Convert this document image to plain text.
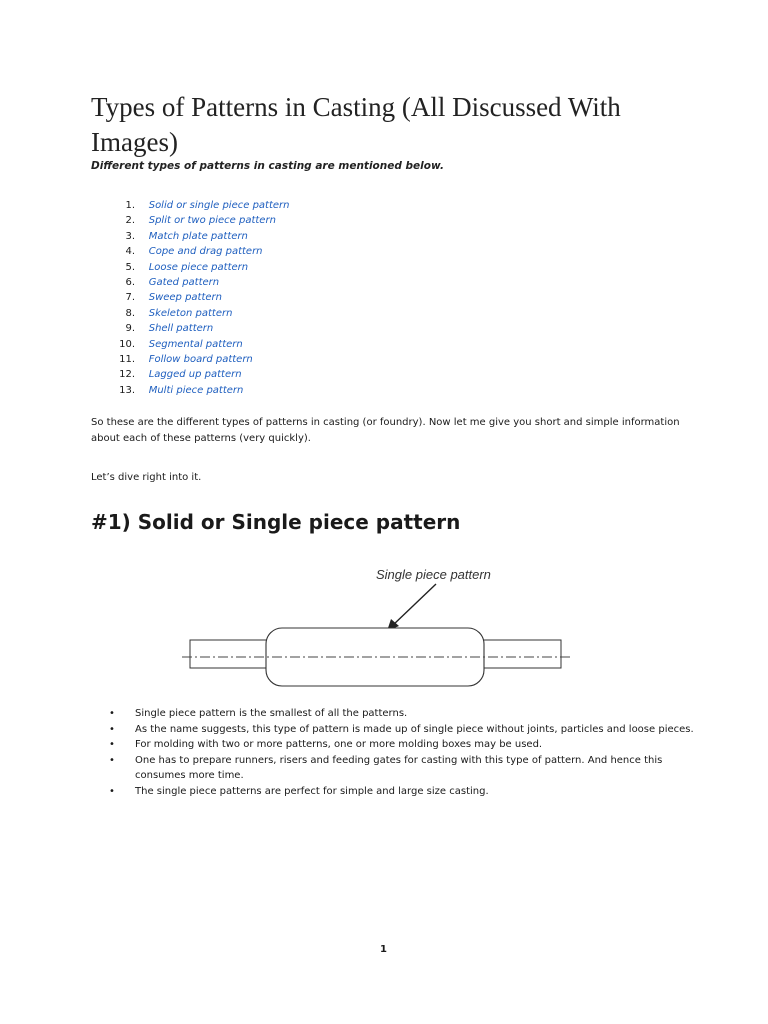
Types of Patterns in Casting (All Discussed With Images)
Different types of patterns in casting are mentioned below.
1. Solid or single piece pattern
2. Split or two piece pattern
3. Match plate pattern
4. Cope and drag pattern
5. Loose piece pattern
6. Gated pattern
7. Sweep pattern
8. Skeleton pattern
9. Shell pattern
10. Segmental pattern
11. Follow board pattern
12. Lagged up pattern
13. Multi piece pattern

So these are the different types of patterns in casting (or foundry). Now let me give you short and simple information about each of these patterns (very quickly).

Let’s dive right into it.

#1) Solid or Single piece pattern
Single piece pattern
• Single piece pattern is the smallest of all the patterns.
• As the name suggests, this type of pattern is made up of single piece without joints, particles and loose pieces.
• For molding with two or more patterns, one or more molding boxes may be used.
• One has to prepare runners, risers and feeding gates for casting with this type of pattern. And hence this consumes more time.
• The single piece patterns are perfect for simple and large size casting.
1
